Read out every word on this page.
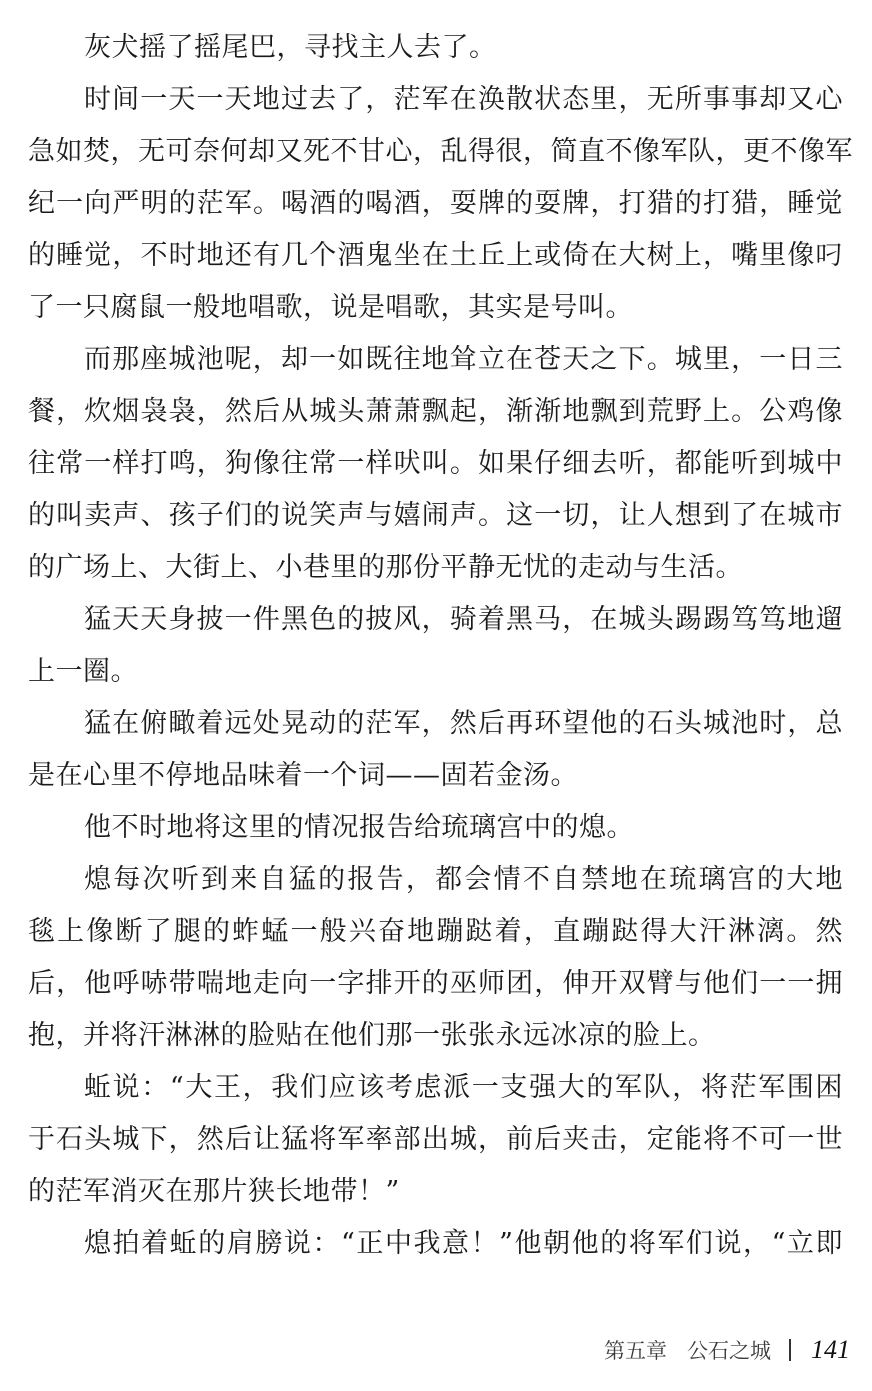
灰犬摇了摇尾巴，寻找主人去了。
时间一天一天地过去了，茫军在涣散状态里，无所事事却又心
急如焚，无可奈何却又死不甘心，乱得很，简直不像军队，更不像军
纪一向严明的茫军。喝酒的喝酒，耍牌的耍牌，打猎的打猎，睡觉
的睡觉，不时地还有几个酒鬼坐在土丘上或倚在大树上，嘴里像叼
了一只腐鼠一般地唱歌，说是唱歌，其实是号叫。
而那座城池呢，却一如既往地耸立在苍天之下。城里，一日三
餐，炊烟袅袅，然后从城头萧萧飘起，渐渐地飘到荒野上。公鸡像
往常一样打鸣，狗像往常一样吠叫。如果仔细去听，都能听到城中
的叫卖声、孩子们的说笑声与嬉闹声。这一切，让人想到了在城市
的广场上、大街上、小巷里的那份平静无忧的走动与生活。
猛天天身披一件黑色的披风，骑着黑马，在城头踢踢笃笃地遛
上一圈。
猛在俯瞰着远处晃动的茫军，然后再环望他的石头城池时，总
是在心里不停地品味着一个词——固若金汤。
他不时地将这里的情况报告给琉璃宫中的熄。
熄每次听到来自猛的报告，都会情不自禁地在琉璃宫的大地
毯上像断了腿的蚱蜢一般兴奋地蹦跶着，直蹦跶得大汗淋漓。然
后，他呼哧带喘地走向一字排开的巫师团，伸开双臂与他们一一拥
抱，并将汗淋淋的脸贴在他们那一张张永远冰凉的脸上。
蚯说：“大王，我们应该考虑派一支强大的军队，将茫军围困
于石头城下，然后让猛将军率部出城，前后夹击，定能将不可一世
的茫军消灭在那片狭长地带！”
熄拍着蚯的肩膀说：“正中我意！”他朝他的将军们说，“立即
第五章 公石之城 141
